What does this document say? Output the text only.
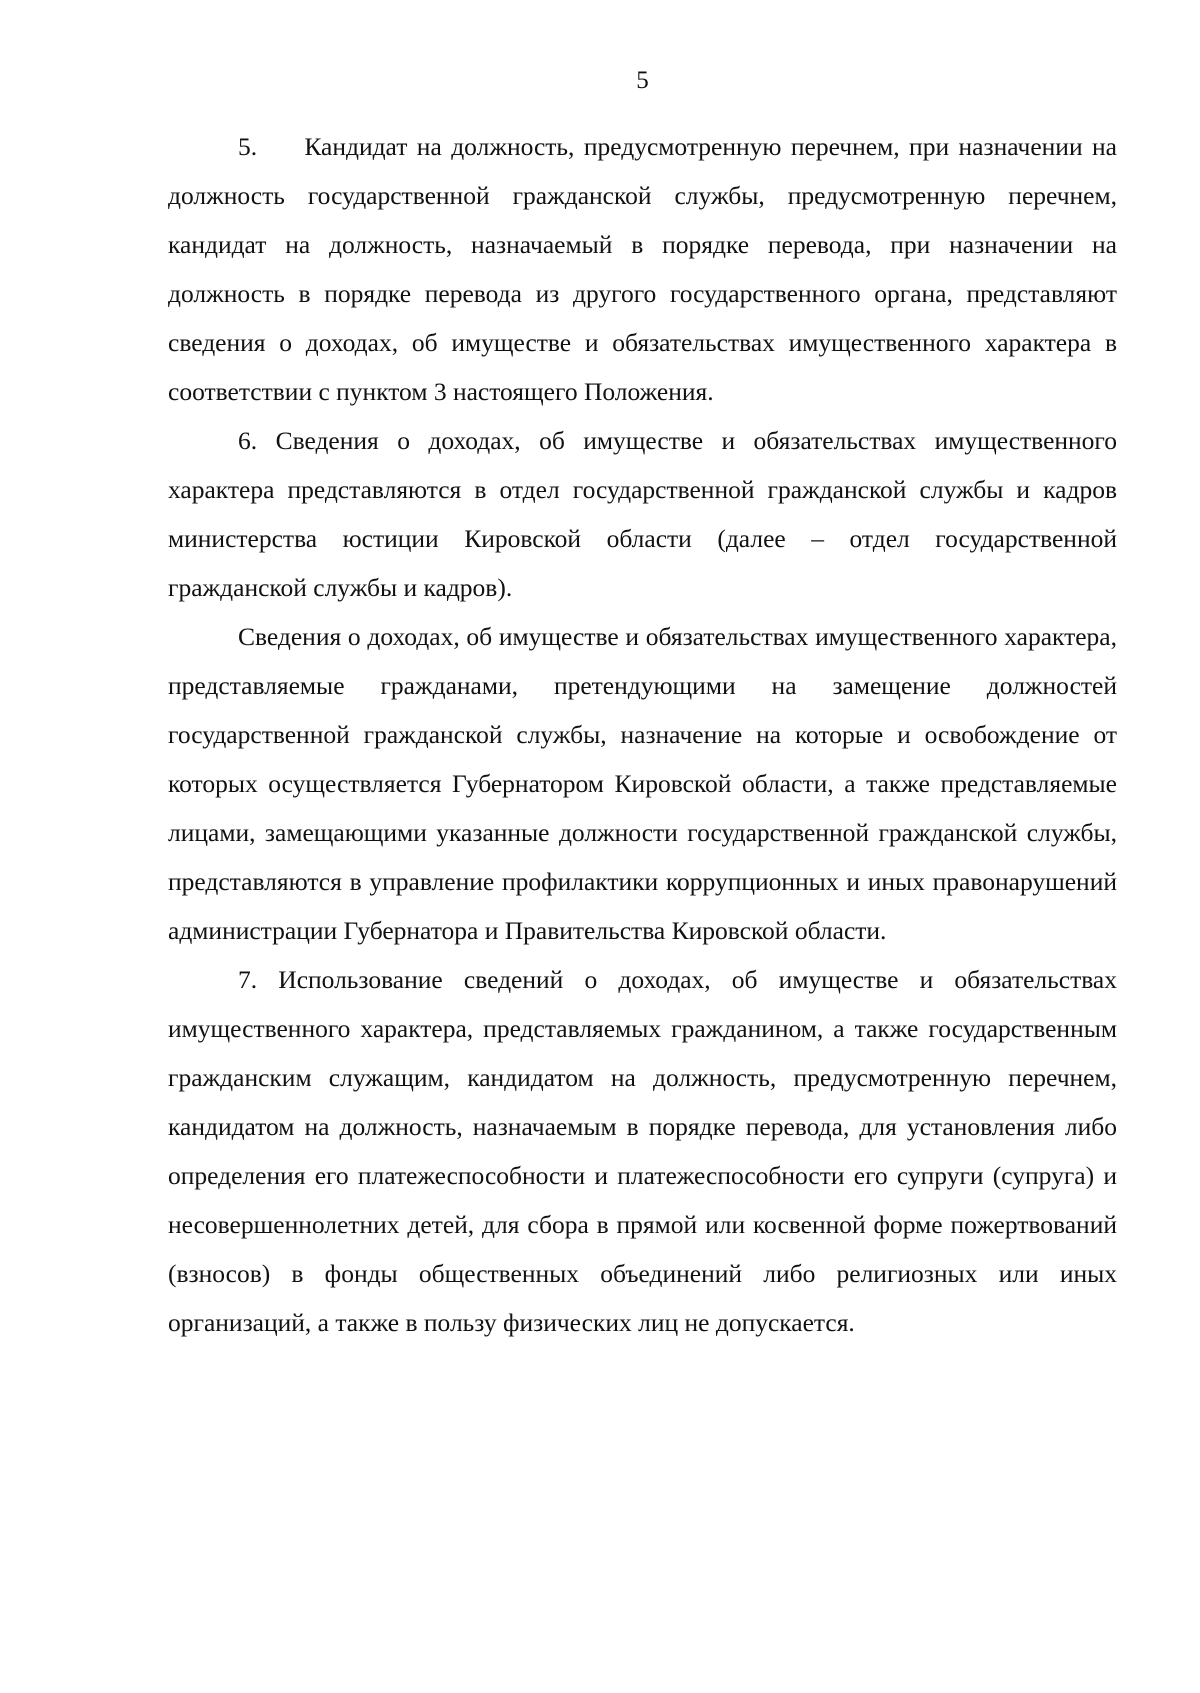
5

5. Кандидат на должность, предусмотренную перечнем, при назначении на должность государственной гражданской службы, предусмотренную перечнем, кандидат на должность, назначаемый в порядке перевода, при назначении на должность в порядке перевода из другого государственного органа, представляют сведения о доходах, об имуществе и обязательствах имущественного характера в соответствии с пунктом 3 настоящего Положения.

6. Сведения о доходах, об имуществе и обязательствах имущественного характера представляются в отдел государственной гражданской службы и кадров министерства юстиции Кировской области (далее – отдел государственной гражданской службы и кадров).

Сведения о доходах, об имуществе и обязательствах имущественного характера, представляемые гражданами, претендующими на замещение должностей государственной гражданской службы, назначение на которые и освобождение от которых осуществляется Губернатором Кировской области, а также представляемые лицами, замещающими указанные должности государственной гражданской службы, представляются в управление профилактики коррупционных и иных правонарушений администрации Губернатора и Правительства Кировской области.

7. Использование сведений о доходах, об имуществе и обязательствах имущественного характера, представляемых гражданином, а также государственным гражданским служащим, кандидатом на должность, предусмотренную перечнем, кандидатом на должность, назначаемым в порядке перевода, для установления либо определения его платежеспособности и платежеспособности его супруги (супруга) и несовершеннолетних детей, для сбора в прямой или косвенной форме пожертвований (взносов) в фонды общественных объединений либо религиозных или иных организаций, а также в пользу физических лиц не допускается.
